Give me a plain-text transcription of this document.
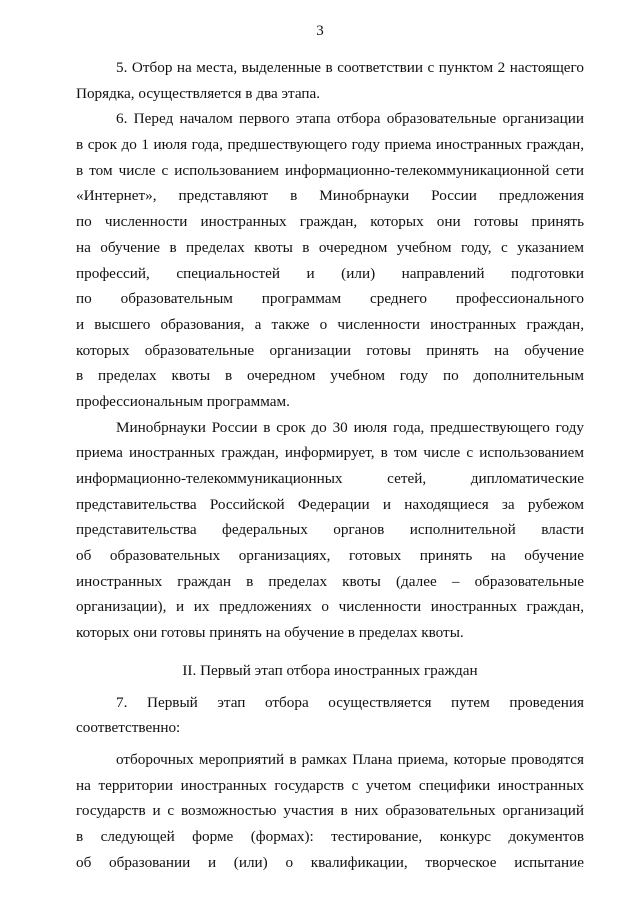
3
5. Отбор на места, выделенные в соответствии с пунктом 2 настоящего
Порядка, осуществляется в два этапа.
6. Перед началом первого этапа отбора образовательные организации
в срок до 1 июля года, предшествующего году приема иностранных граждан,
в том числе с использованием информационно-телекоммуникационной сети
«Интернет», представляют в Минобрнауки России предложения
по численности иностранных граждан, которых они готовы принять
на обучение в пределах квоты в очередном учебном году, с указанием
профессий, специальностей и (или) направлений подготовки
по образовательным программам среднего профессионального
и высшего образования, а также о численности иностранных граждан,
которых образовательные организации готовы принять на обучение
в пределах квоты в очередном учебном году по дополнительным
профессиональным программам.
Минобрнауки России в срок до 30 июля года, предшествующего году
приема иностранных граждан, информирует, в том числе с использованием
информационно-телекоммуникационных сетей, дипломатические
представительства Российской Федерации и находящиеся за рубежом
представительства федеральных органов исполнительной власти
об образовательных организациях, готовых принять на обучение
иностранных граждан в пределах квоты (далее – образовательные
организации), и их предложениях о численности иностранных граждан,
которых они готовы принять на обучение в пределах квоты.
II. Первый этап отбора иностранных граждан
7. Первый этап отбора осуществляется путем проведения
соответственно:
отборочных мероприятий в рамках Плана приема, которые проводятся
на территории иностранных государств с учетом специфики иностранных
государств и с возможностью участия в них образовательных организаций
в следующей форме (формах): тестирование, конкурс документов
об образовании и (или) о квалификации, творческое испытание
